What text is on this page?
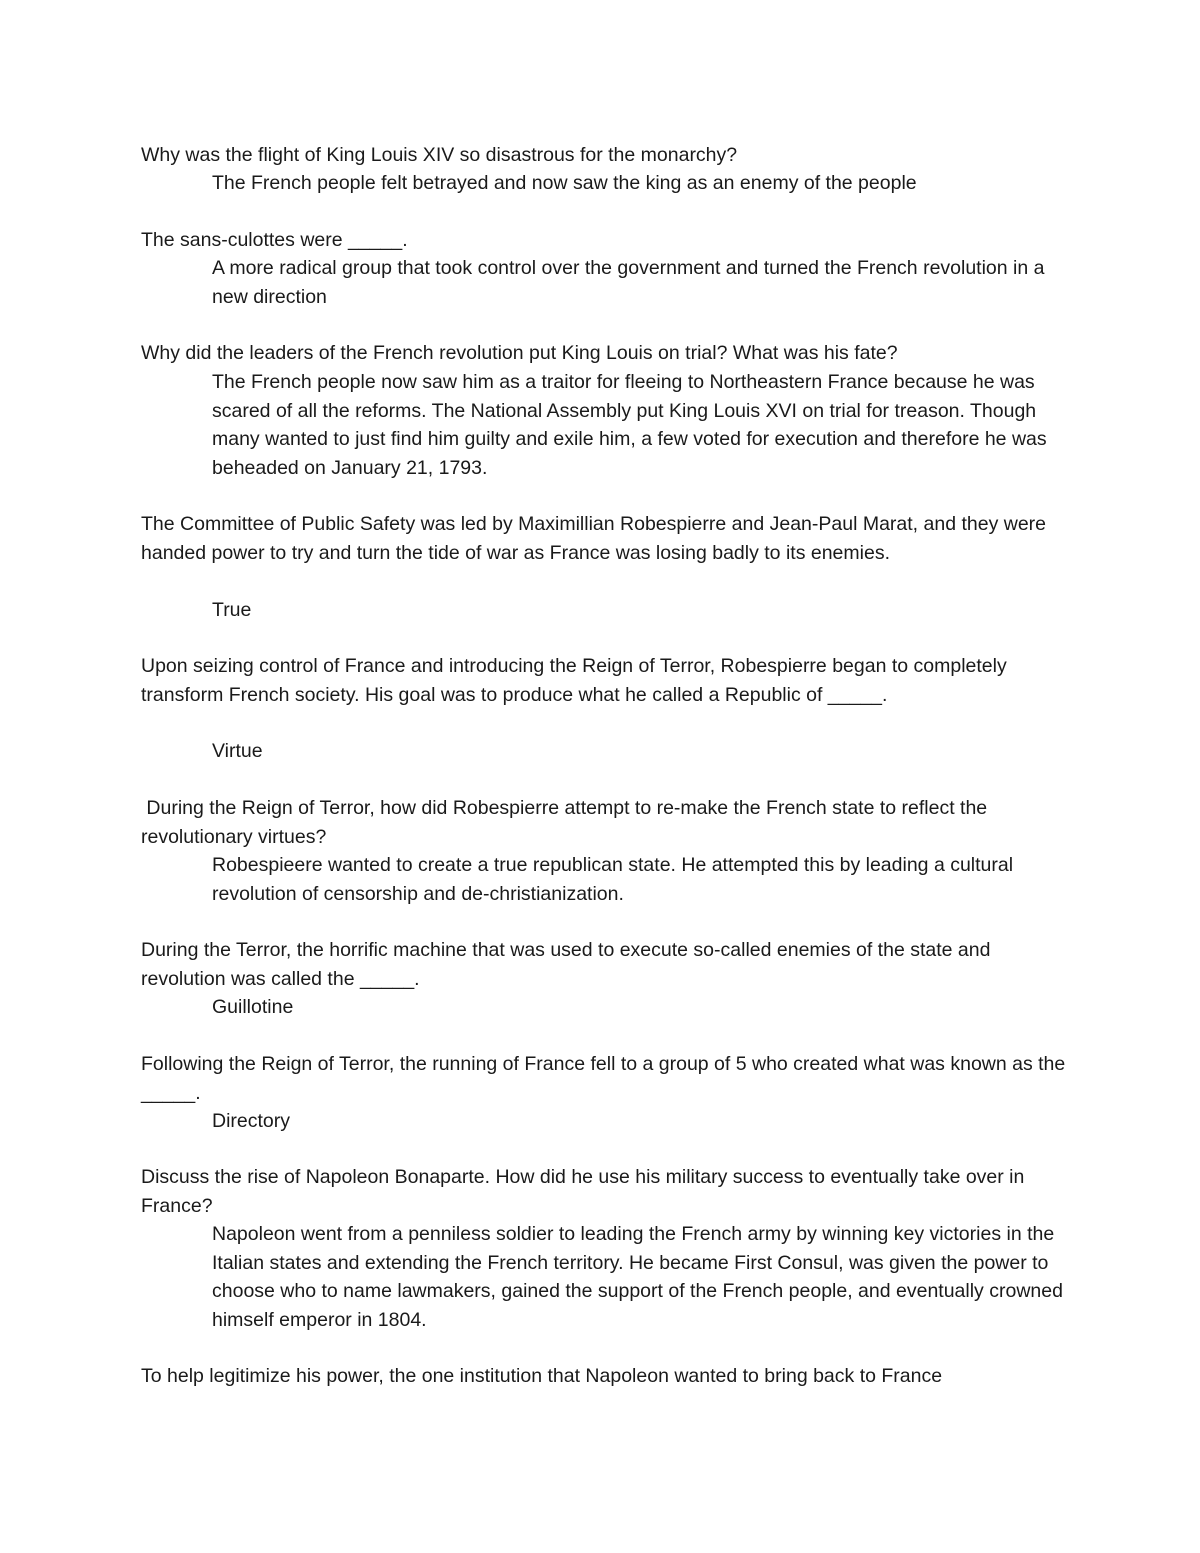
Why was the flight of King Louis XIV so disastrous for the monarchy?

The French people felt betrayed and now saw the king as an enemy of the people

The sans-culottes were _____.

A more radical group that took control over the government and turned the French revolution in a new direction

Why did the leaders of the French revolution put King Louis on trial? What was his fate?

The French people now saw him as a traitor for fleeing to Northeastern France because he was scared of all the reforms. The National Assembly put King Louis XVI on trial for treason. Though many wanted to just find him guilty and exile him, a few voted for execution and therefore he was beheaded on January 21, 1793.

The Committee of Public Safety was led by Maximillian Robespierre and Jean-Paul Marat, and they were handed power to try and turn the tide of war as France was losing badly to its enemies.

True

Upon seizing control of France and introducing the Reign of Terror, Robespierre began to completely transform French society. His goal was to produce what he called a Republic of _____.

Virtue

During the Reign of Terror, how did Robespierre attempt to re-make the French state to reflect the revolutionary virtues?

Robespieere wanted to create a true republican state. He attempted this by leading a cultural revolution of censorship and de-christianization.

During the Terror, the horrific machine that was used to execute so-called enemies of the state and revolution was called the _____.

Guillotine

Following the Reign of Terror, the running of France fell to a group of 5 who created what was known as the _____.

Directory

Discuss the rise of Napoleon Bonaparte. How did he use his military success to eventually take over in France?

Napoleon went from a penniless soldier to leading the French army by winning key victories in the Italian states and extending the French territory. He became First Consul, was given the power to choose who to name lawmakers, gained the support of the French people, and eventually crowned himself emperor in 1804.

To help legitimize his power, the one institution that Napoleon wanted to bring back to France
